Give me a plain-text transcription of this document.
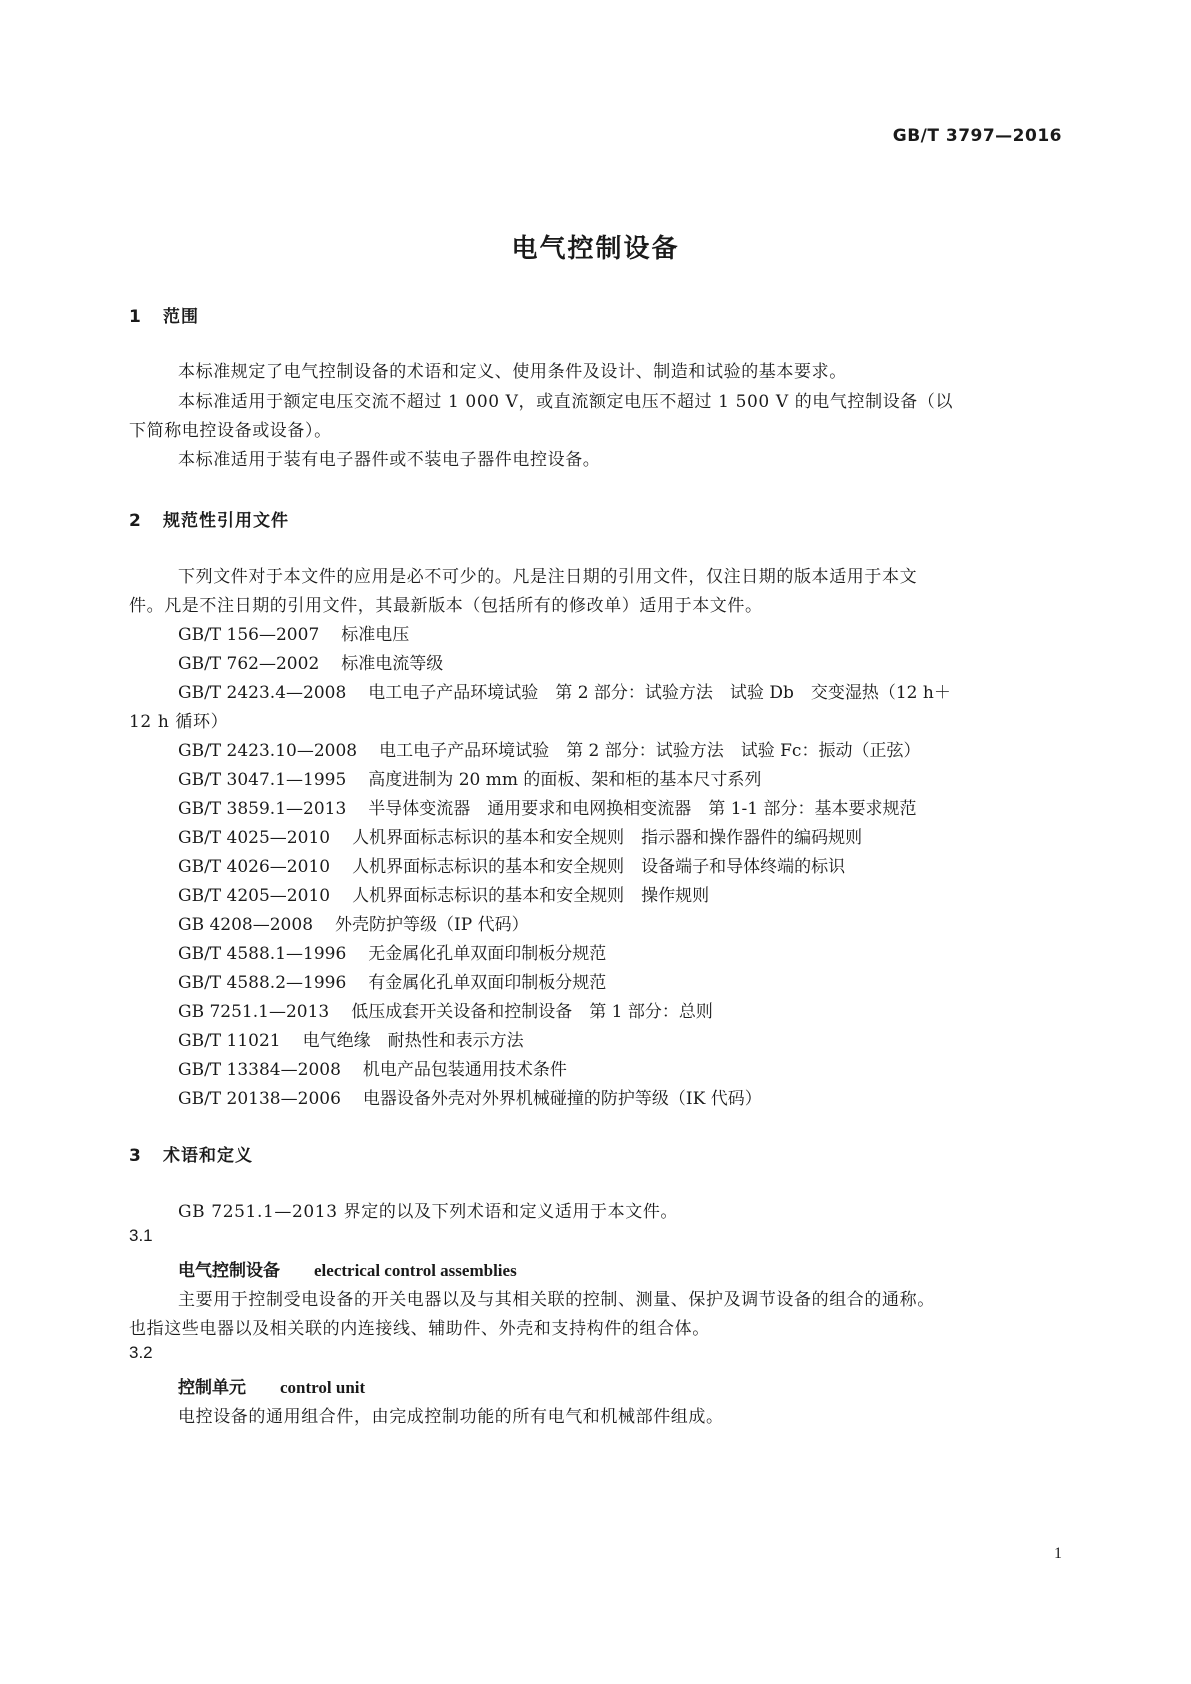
GB/T 3797—2016
电气控制设备
1 范围
本标准规定了电气控制设备的术语和定义、使用条件及设计、制造和试验的基本要求。
本标准适用于额定电压交流不超过 1 000 V，或直流额定电压不超过 1 500 V 的电气控制设备（以
下简称电控设备或设备）。
本标准适用于装有电子器件或不装电子器件电控设备。
2 规范性引用文件
下列文件对于本文件的应用是必不可少的。凡是注日期的引用文件，仅注日期的版本适用于本文
件。凡是不注日期的引用文件，其最新版本（包括所有的修改单）适用于本文件。
GB/T 156—2007 标准电压
GB/T 762—2002 标准电流等级
GB/T 2423.4—2008 电工电子产品环境试验　第 2 部分：试验方法　试验 Db　交变湿热（12 h＋
12 h 循环）
GB/T 2423.10—2008 电工电子产品环境试验　第 2 部分：试验方法　试验 Fc：振动（正弦）
GB/T 3047.1—1995 高度进制为 20 mm 的面板、架和柜的基本尺寸系列
GB/T 3859.1—2013 半导体变流器　通用要求和电网换相变流器　第 1-1 部分：基本要求规范
GB/T 4025—2010 人机界面标志标识的基本和安全规则　指示器和操作器件的编码规则
GB/T 4026—2010 人机界面标志标识的基本和安全规则　设备端子和导体终端的标识
GB/T 4205—2010 人机界面标志标识的基本和安全规则　操作规则
GB 4208—2008 外壳防护等级（IP 代码）
GB/T 4588.1—1996 无金属化孔单双面印制板分规范
GB/T 4588.2—1996 有金属化孔单双面印制板分规范
GB 7251.1—2013 低压成套开关设备和控制设备　第 1 部分：总则
GB/T 11021 电气绝缘　耐热性和表示方法
GB/T 13384—2008 机电产品包装通用技术条件
GB/T 20138—2006 电器设备外壳对外界机械碰撞的防护等级（IK 代码）
3 术语和定义
GB 7251.1—2013 界定的以及下列术语和定义适用于本文件。
3.1
电气控制设备 electrical control assemblies
主要用于控制受电设备的开关电器以及与其相关联的控制、测量、保护及调节设备的组合的通称。
也指这些电器以及相关联的内连接线、辅助件、外壳和支持构件的组合体。
3.2
控制单元 control unit
电控设备的通用组合件，由完成控制功能的所有电气和机械部件组成。
1
